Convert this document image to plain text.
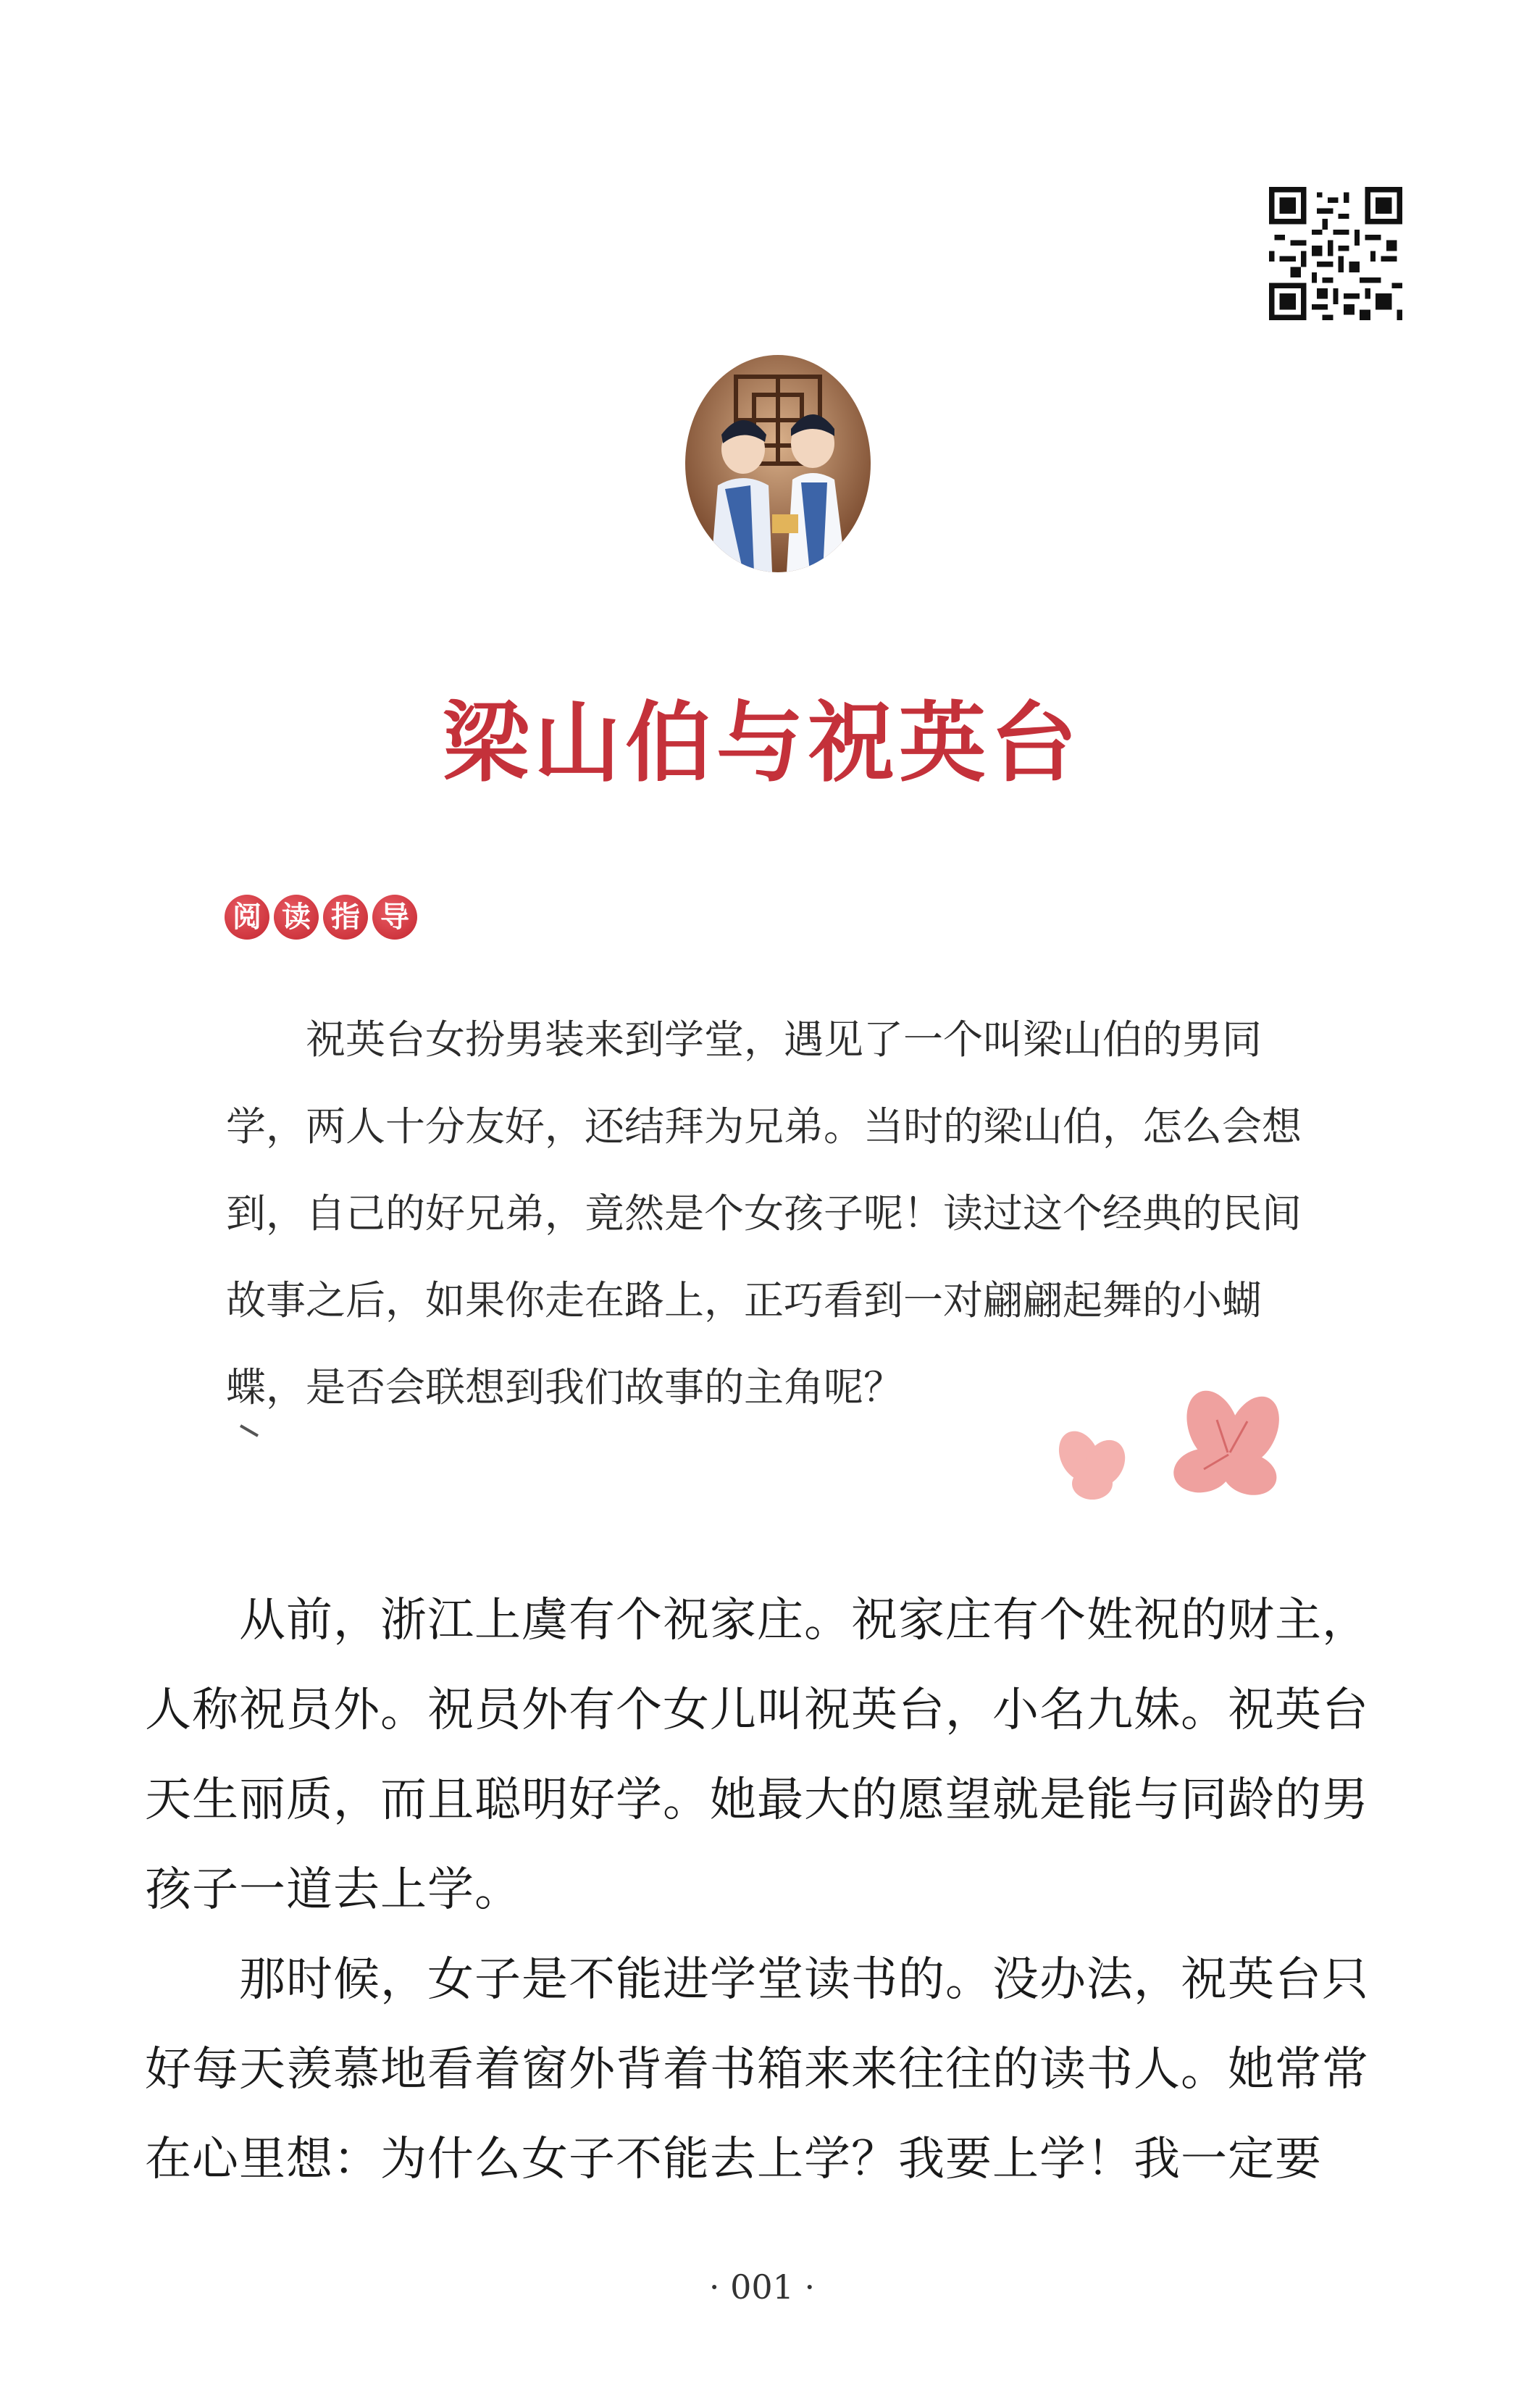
梁山伯与祝英台
阅 读 指 导

祝英台女扮男装来到学堂，遇见了一个叫梁山伯的男同学，两人十分友好，还结拜为兄弟。当时的梁山伯，怎么会想到，自己的好兄弟，竟然是个女孩子呢！读过这个经典的民间故事之后，如果你走在路上，正巧看到一对翩翩起舞的小蝴蝶，是否会联想到我们故事的主角呢？

从前，浙江上虞有个祝家庄。祝家庄有个姓祝的财主，人称祝员外。祝员外有个女儿叫祝英台，小名九妹。祝英台天生丽质，而且聪明好学。她最大的愿望就是能与同龄的男孩子一道去上学。

那时候，女子是不能进学堂读书的。没办法，祝英台只好每天羡慕地看着窗外背着书箱来来往往的读书人。她常常在心里想：为什么女子不能去上学？我要上学！我一定要

· 001 ·
